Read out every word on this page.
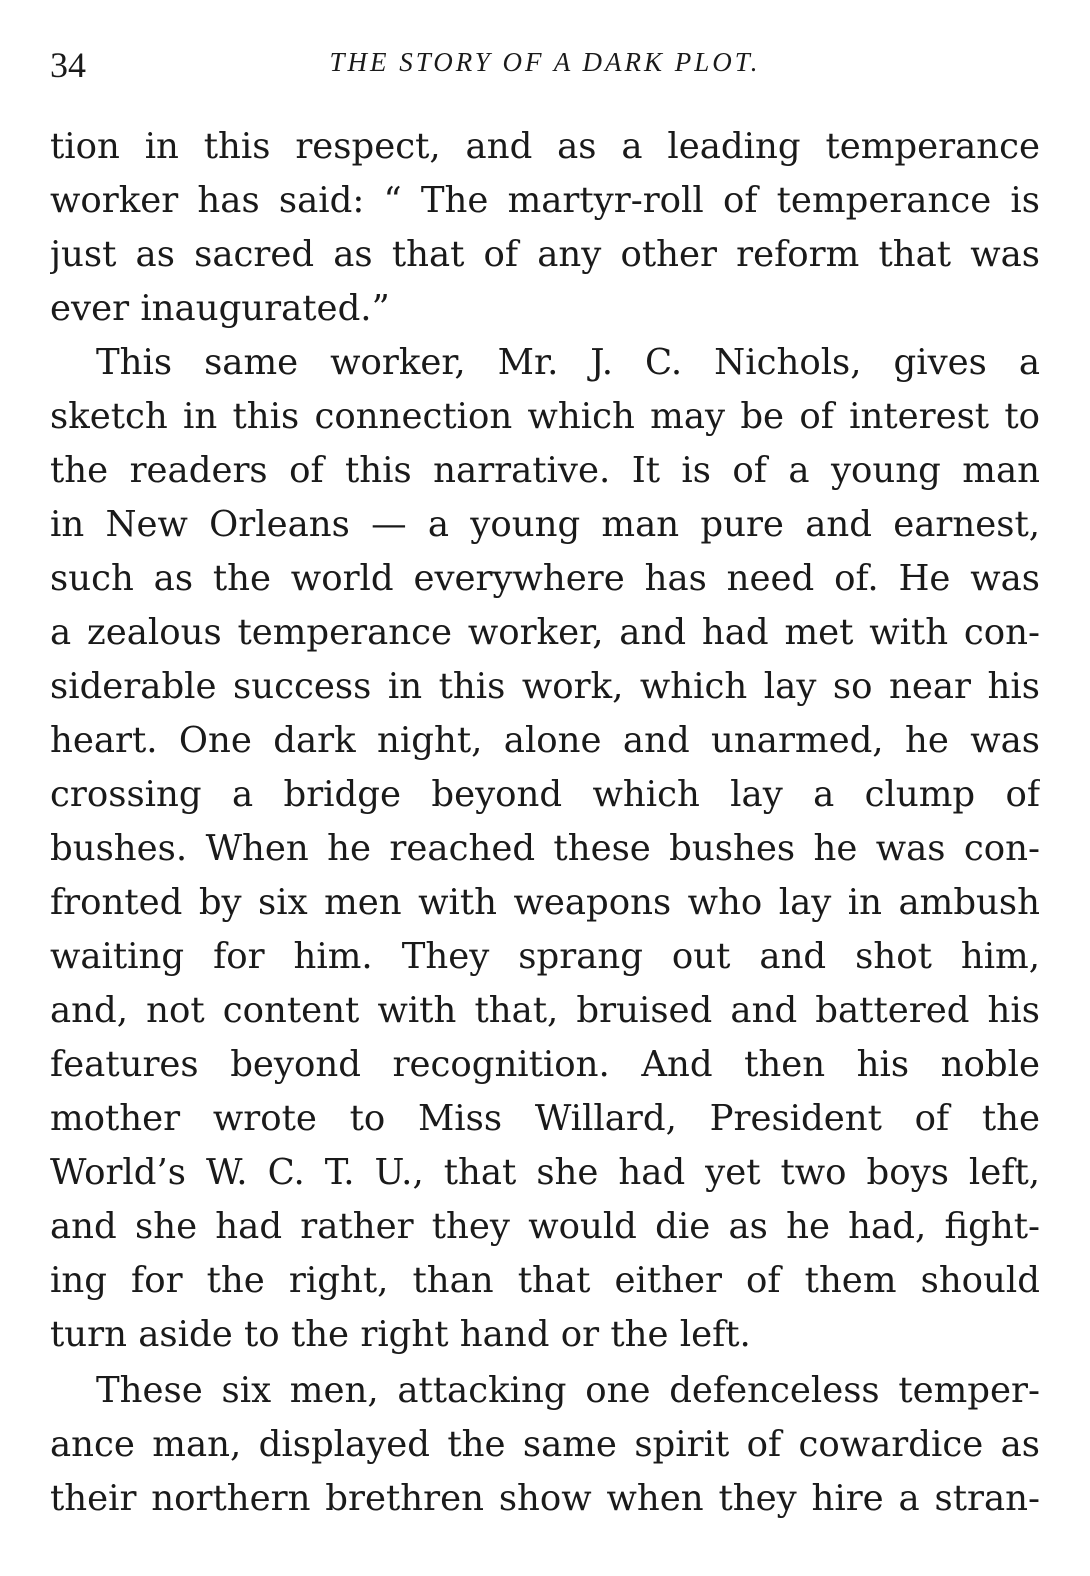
34	THE STORY OF A DARK PLOT.
tion in this respect, and as a leading temperance
worker has said: “ The martyr-roll of temperance is
just as sacred as that of any other reform that was
ever inaugurated.”
This same worker, Mr. J. C. Nichols, gives a
sketch in this connection which may be of interest to
the readers of this narrative. It is of a young man
in New Orleans — a young man pure and earnest,
such as the world everywhere has need of. He was
a zealous temperance worker, and had met with con-
siderable success in this work, which lay so near his
heart. One dark night, alone and unarmed, he was
crossing a bridge beyond which lay a clump of
bushes. When he reached these bushes he was con-
fronted by six men with weapons who lay in ambush
waiting for him. They sprang out and shot him,
and, not content with that, bruised and battered his
features beyond recognition. And then his noble
mother wrote to Miss Willard, President of the
World’s W. C. T. U., that she had yet two boys left,
and she had rather they would die as he had, fight-
ing for the right, than that either of them should
turn aside to the right hand or the left.
These six men, attacking one defenceless temper-
ance man, displayed the same spirit of cowardice as
their northern brethren show when they hire a stran-
